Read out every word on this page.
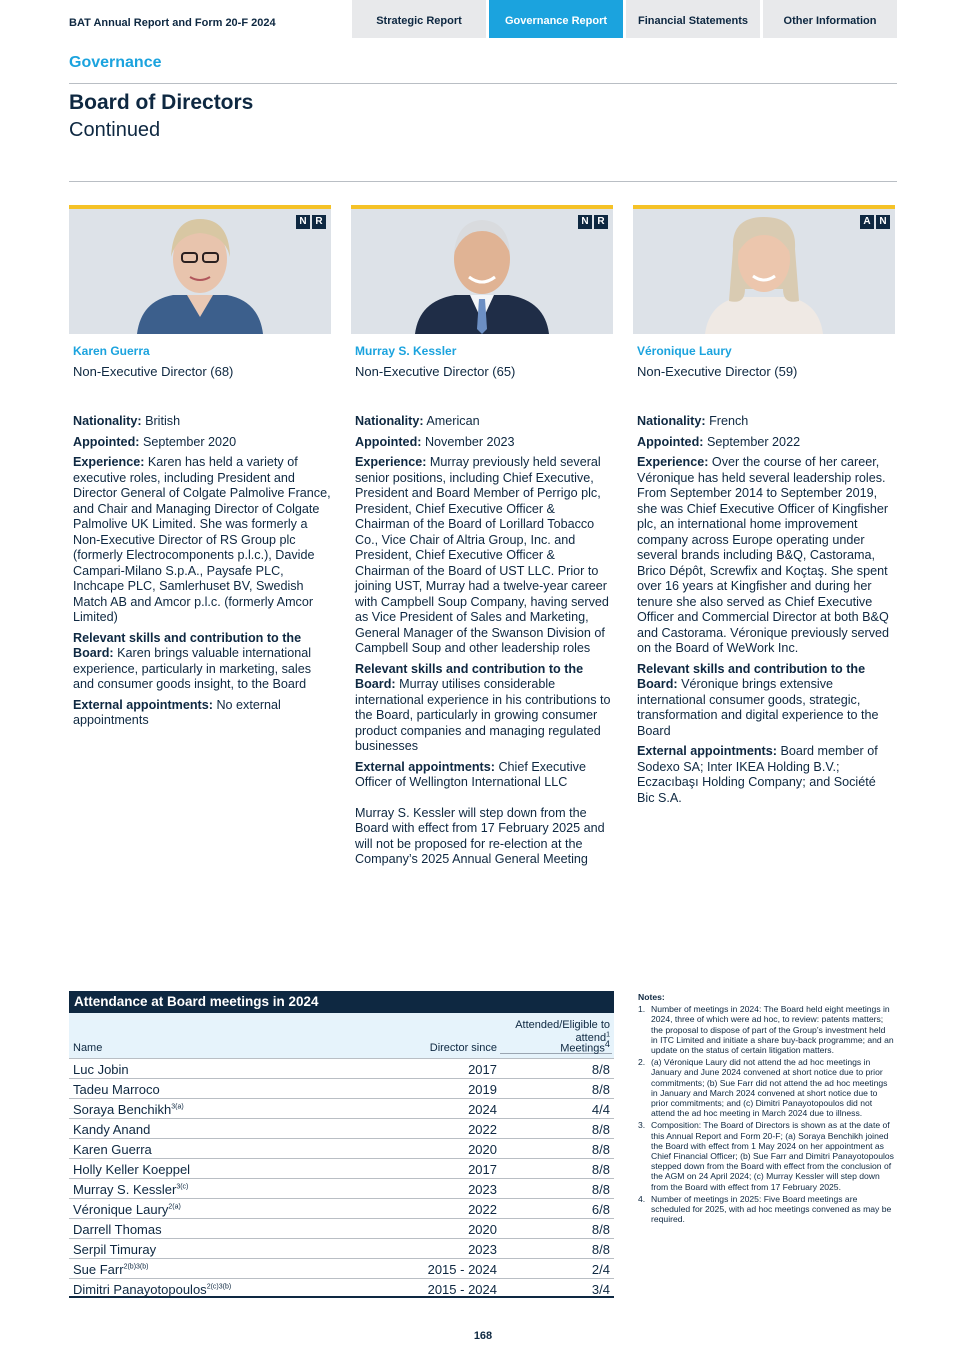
BAT Annual Report and Form 20-F 2024	Strategic Report	Governance Report	Financial Statements	Other Information
Governance
Board of Directors
Continued
N R
Karen Guerra
Non-Executive Director (68)

Nationality: British

Appointed: September 2020

Experience: Karen has held a variety of executive roles, including President and Director General of Colgate Palmolive France, and Chair and Managing Director of Colgate Palmolive UK Limited. She was formerly a Non-Executive Director of RS Group plc (formerly Electrocomponents p.l.c.), Davide Campari-Milano S.p.A., Paysafe PLC, Inchcape PLC, Samlerhuset BV, Swedish Match AB and Amcor p.l.c. (formerly Amcor Limited)

Relevant skills and contribution to the Board: Karen brings valuable international experience, particularly in marketing, sales and consumer goods insight, to the Board

External appointments: No external appointments

N R
Murray S. Kessler
Non-Executive Director (65)

Nationality: American

Appointed: November 2023

Experience: Murray previously held several senior positions, including Chief Executive, President and Board Member of Perrigo plc, President, Chief Executive Officer & Chairman of the Board of Lorillard Tobacco Co., Vice Chair of Altria Group, Inc. and President, Chief Executive Officer & Chairman of the Board of UST LLC. Prior to joining UST, Murray had a twelve-year career with Campbell Soup Company, having served as Vice President of Sales and Marketing, General Manager of the Swanson Division of Campbell Soup and other leadership roles

Relevant skills and contribution to the Board: Murray utilises considerable international experience in his contributions to the Board, particularly in growing consumer product companies and managing regulated businesses

External appointments: Chief Executive Officer of Wellington International LLC

Murray S. Kessler will step down from the Board with effect from 17 February 2025 and will not be proposed for re-election at the Company’s 2025 Annual General Meeting

A N
Véronique Laury
Non-Executive Director (59)

Nationality: French

Appointed: September 2022

Experience: Over the course of her career, Véronique has held several leadership roles. From September 2014 to September 2019, she was Chief Executive Officer of Kingfisher plc, an international home improvement company across Europe operating under several brands including B&Q, Castorama, Brico Dépôt, Screwfix and Koçtaş. She spent over 16 years at Kingfisher and during her tenure she also served as Chief Executive Officer and Commercial Director at both B&Q and Castorama. Véronique previously served on the Board of WeWork Inc.

Relevant skills and contribution to the Board: Véronique brings extensive international consumer goods, strategic, transformation and digital experience to the Board

External appointments: Board member of Sodexo SA; Inter IKEA Holding B.V.; Eczacıbaşı Holding Company; and Société Bic S.A.

Attendance at Board meetings in 2024
Attended/Eligible to
attend$^1$
Name	Director since	Meetings$^4$
Luc Jobin	2017	8/8
Tadeu Marroco	2019	8/8
Soraya Benchikh$^{3(a)}$	2024	4/4
Kandy Anand	2022	8/8
Karen Guerra	2020	8/8
Holly Keller Koeppel	2017	8/8
Murray S. Kessler$^{3(c)}$	2023	8/8
Véronique Laury$^{2(a)}$	2022	6/8
Darrell Thomas	2020	8/8
Serpil Timuray	2023	8/8
Sue Farr$^{2(b)3(b)}$	2015 - 2024	2/4
Dimitri Panayotopoulos$^{2(c)3(b)}$	2015 - 2024	3/4
Notes:
1. Number of meetings in 2024: The Board held eight meetings in 2024, three of which were ad hoc, to review: patents matters; the proposal to dispose of part of the Group’s investment held in ITC Limited and initiate a share buy-back programme; and an update on the status of certain litigation matters.
2. (a) Véronique Laury did not attend the ad hoc meetings in January and June 2024 convened at short notice due to prior commitments; (b) Sue Farr did not attend the ad hoc meetings in January and March 2024 convened at short notice due to prior commitments; and (c) Dimitri Panayotopoulos did not attend the ad hoc meeting in March 2024 due to illness.
3. Composition: The Board of Directors is shown as at the date of this Annual Report and Form 20-F; (a) Soraya Benchikh joined the Board with effect from 1 May 2024 on her appointment as Chief Financial Officer; (b) Sue Farr and Dimitri Panayotopoulos stepped down from the Board with effect from the conclusion of the AGM on 24 April 2024; (c) Murray Kessler will step down from the Board with effect from 17 February 2025.
4. Number of meetings in 2025: Five Board meetings are scheduled for 2025, with ad hoc meetings convened as may be required.
168
